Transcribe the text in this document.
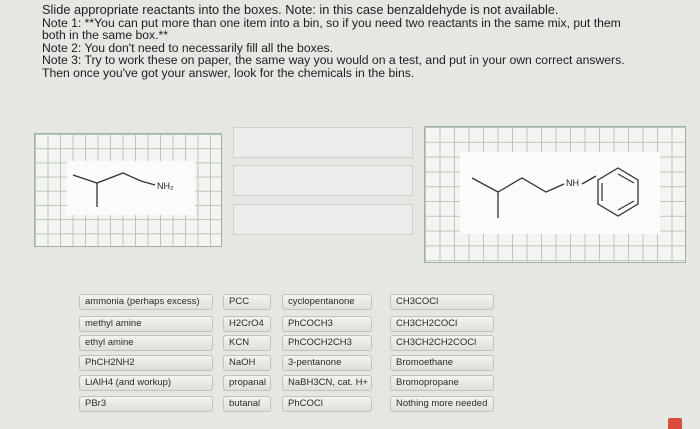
Slide appropriate reactants into the boxes. Note: in this case benzaldehyde is not available.
Note 1: **You can put more than one item into a bin, so if you need two reactants in the same mix, put them
both in the same box.**
Note 2: You don't need to necessarily fill all the boxes.
Note 3: Try to work these on paper, the same way you would on a test, and put in your own correct answers.
Then once you've got your answer, look for the chemicals in the bins.
NH₂	NH
ammonia (perhaps excess)
methyl amine
ethyl amine
PhCH2NH2
LiAlH4 (and workup)
PBr3
PCC
H2CrO4
KCN
NaOH
propanal
butanal
cyclopentanone
PhCOCH3
PhCOCH2CH3
3-pentanone
NaBH3CN, cat. H+
PhCOCl
CH3COCl
CH3CH2COCl
CH3CH2CH2COCl
Bromoethane
Bromopropane
Nothing more needed
